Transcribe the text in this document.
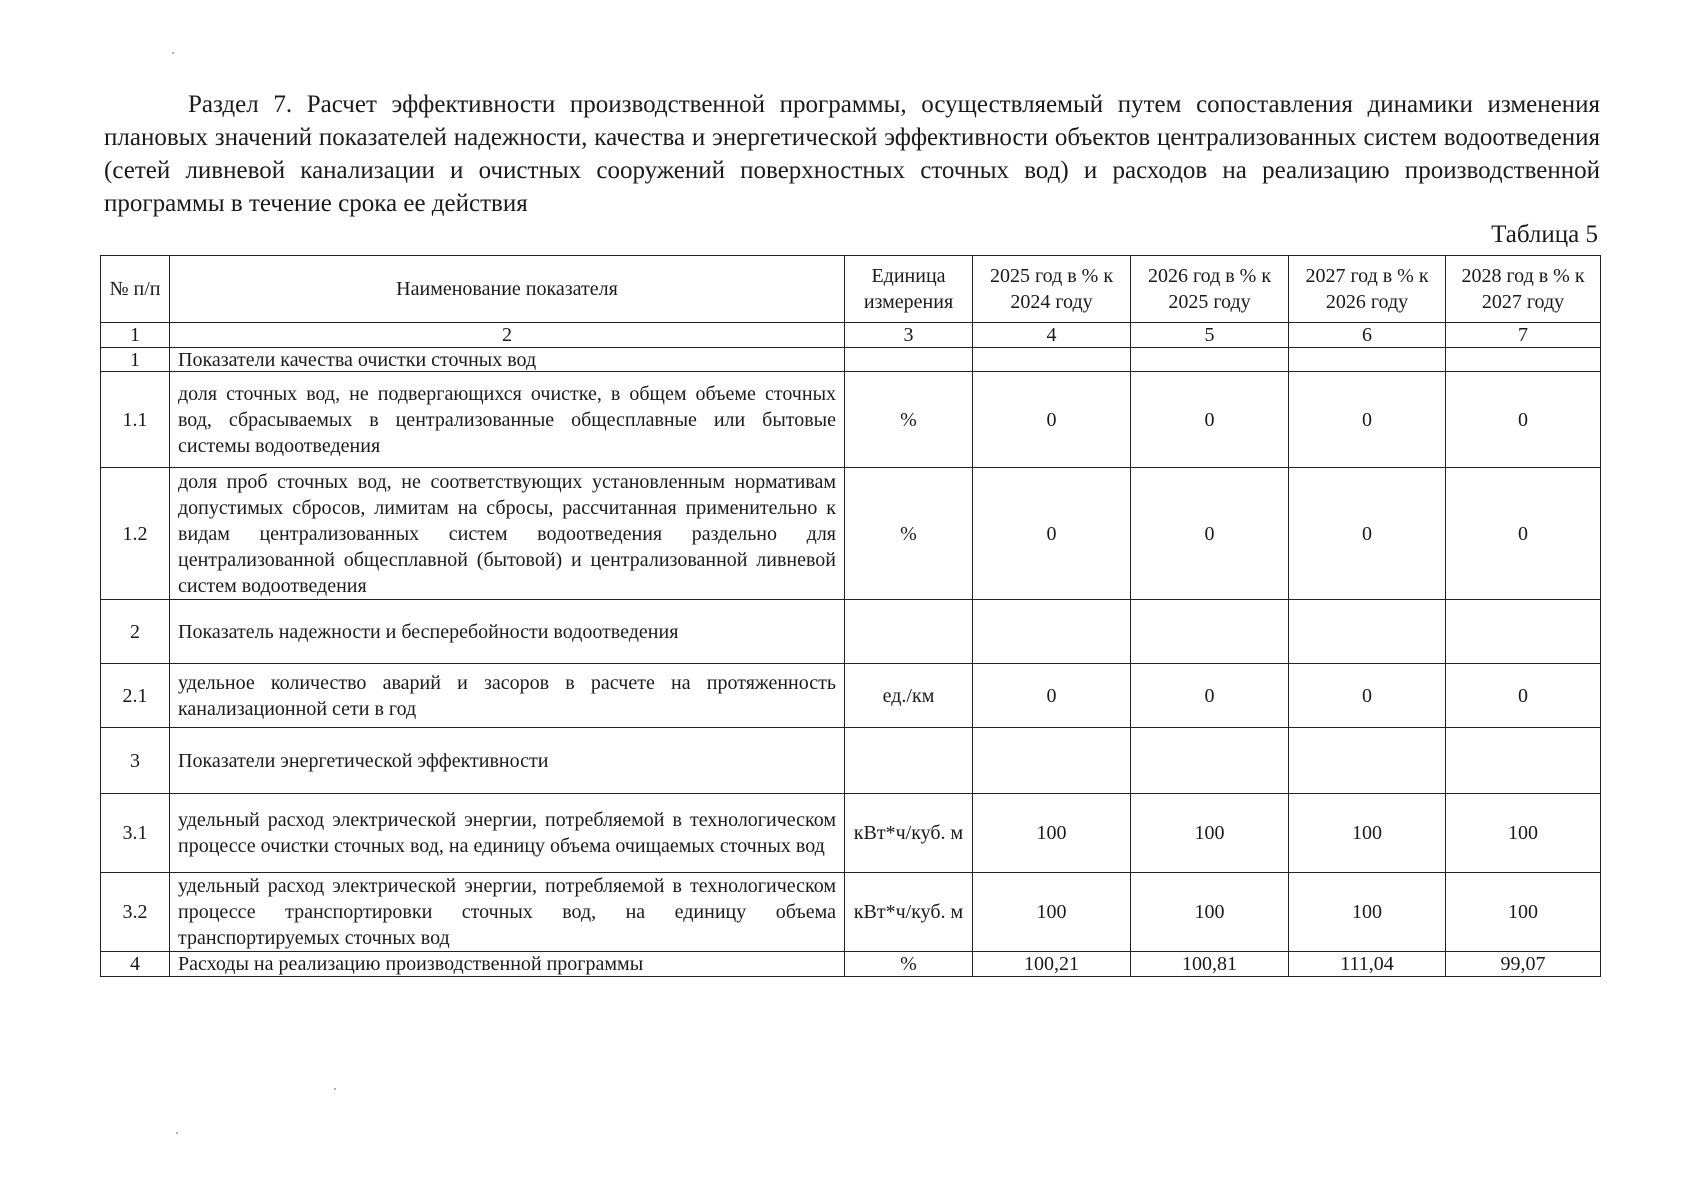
Раздел 7. Расчет эффективности производственной программы, осуществляемый путем сопоставления динамики изменения плановых значений показателей надежности, качества и энергетической эффективности объектов централизованных систем водоотведения (сетей ливневой канализации и очистных сооружений поверхностных сточных вод) и расходов на реализацию производственной программы в течение срока ее действия

Таблица 5
№ п/п	Наименование показателя	Единица измерения	2025 год в % к 2024 году	2026 год в % к 2025 году	2027 год в % к 2026 году	2028 год в % к 2027 году
1	2	3	4	5	6	7
1	Показатели качества очистки сточных вод					
1.1	доля сточных вод, не подвергающихся очистке, в общем объеме сточных вод, сбрасываемых в централизованные общесплавные или бытовые системы водоотведения	%	0	0	0	0
1.2	доля проб сточных вод, не соответствующих установленным нормативам допустимых сбросов, лимитам на сбросы, рассчитанная применительно к видам централизованных систем водоотведения раздельно для централизованной общесплавной (бытовой) и централизованной ливневой систем водоотведения	%	0	0	0	0
2	Показатель надежности и бесперебойности водоотведения					
2.1	удельное количество аварий и засоров в расчете на протяженность канализационной сети в год	ед./км	0	0	0	0
3	Показатели энергетической эффективности					
3.1	удельный расход электрической энергии, потребляемой в технологическом процессе очистки сточных вод, на единицу объема очищаемых сточных вод	кВт*ч/куб. м	100	100	100	100
3.2	удельный расход электрической энергии, потребляемой в технологическом процессе транспортировки сточных вод, на единицу объема транспортируемых сточных вод	кВт*ч/куб. м	100	100	100	100
4	Расходы на реализацию производственной программы	%	100,21	100,81	111,04	99,07
